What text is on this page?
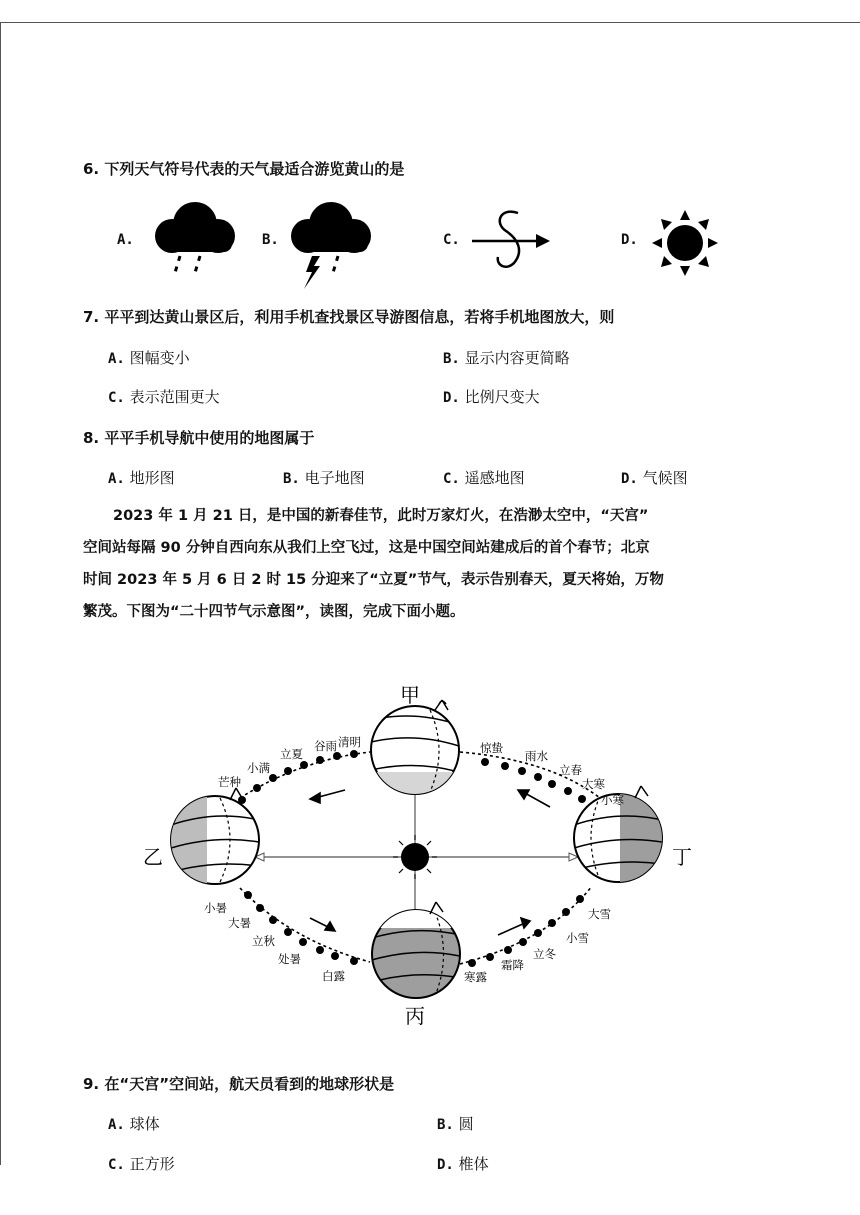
6. 下列天气符号代表的天气最适合游览黄山的是
A.	B.	C.	D.
7. 平平到达黄山景区后，利用手机查找景区导游图信息，若将手机地图放大，则
A. 图幅变小	B. 显示内容更简略
C. 表示范围更大	D. 比例尺变大
8. 平平手机导航中使用的地图属于
A. 地形图	B. 电子地图	C. 遥感地图	D. 气候图
2023 年 1 月 21 日，是中国的新春佳节，此时万家灯火，在浩渺太空中，“天宫”
空间站每隔 90 分钟自西向东从我们上空飞过，这是中国空间站建成后的首个春节；北京
时间 2023 年 5 月 6 日 2 时 15 分迎来了“立夏”节气，表示告别春天，夏天将始，万物
繁茂。下图为“二十四节气示意图”，读图，完成下面小题。
甲
乙
丙
丁
芒种
小满
立夏
谷雨 清明	惊蛰
雨水
立春
大寒
小寒
小暑
大暑
立秋
处暑
白露	寒露
霜降
立冬
小雪
大雪
9. 在“天宫”空间站，航天员看到的地球形状是
A. 球体	B. 圆
C. 正方形	D. 椎体
